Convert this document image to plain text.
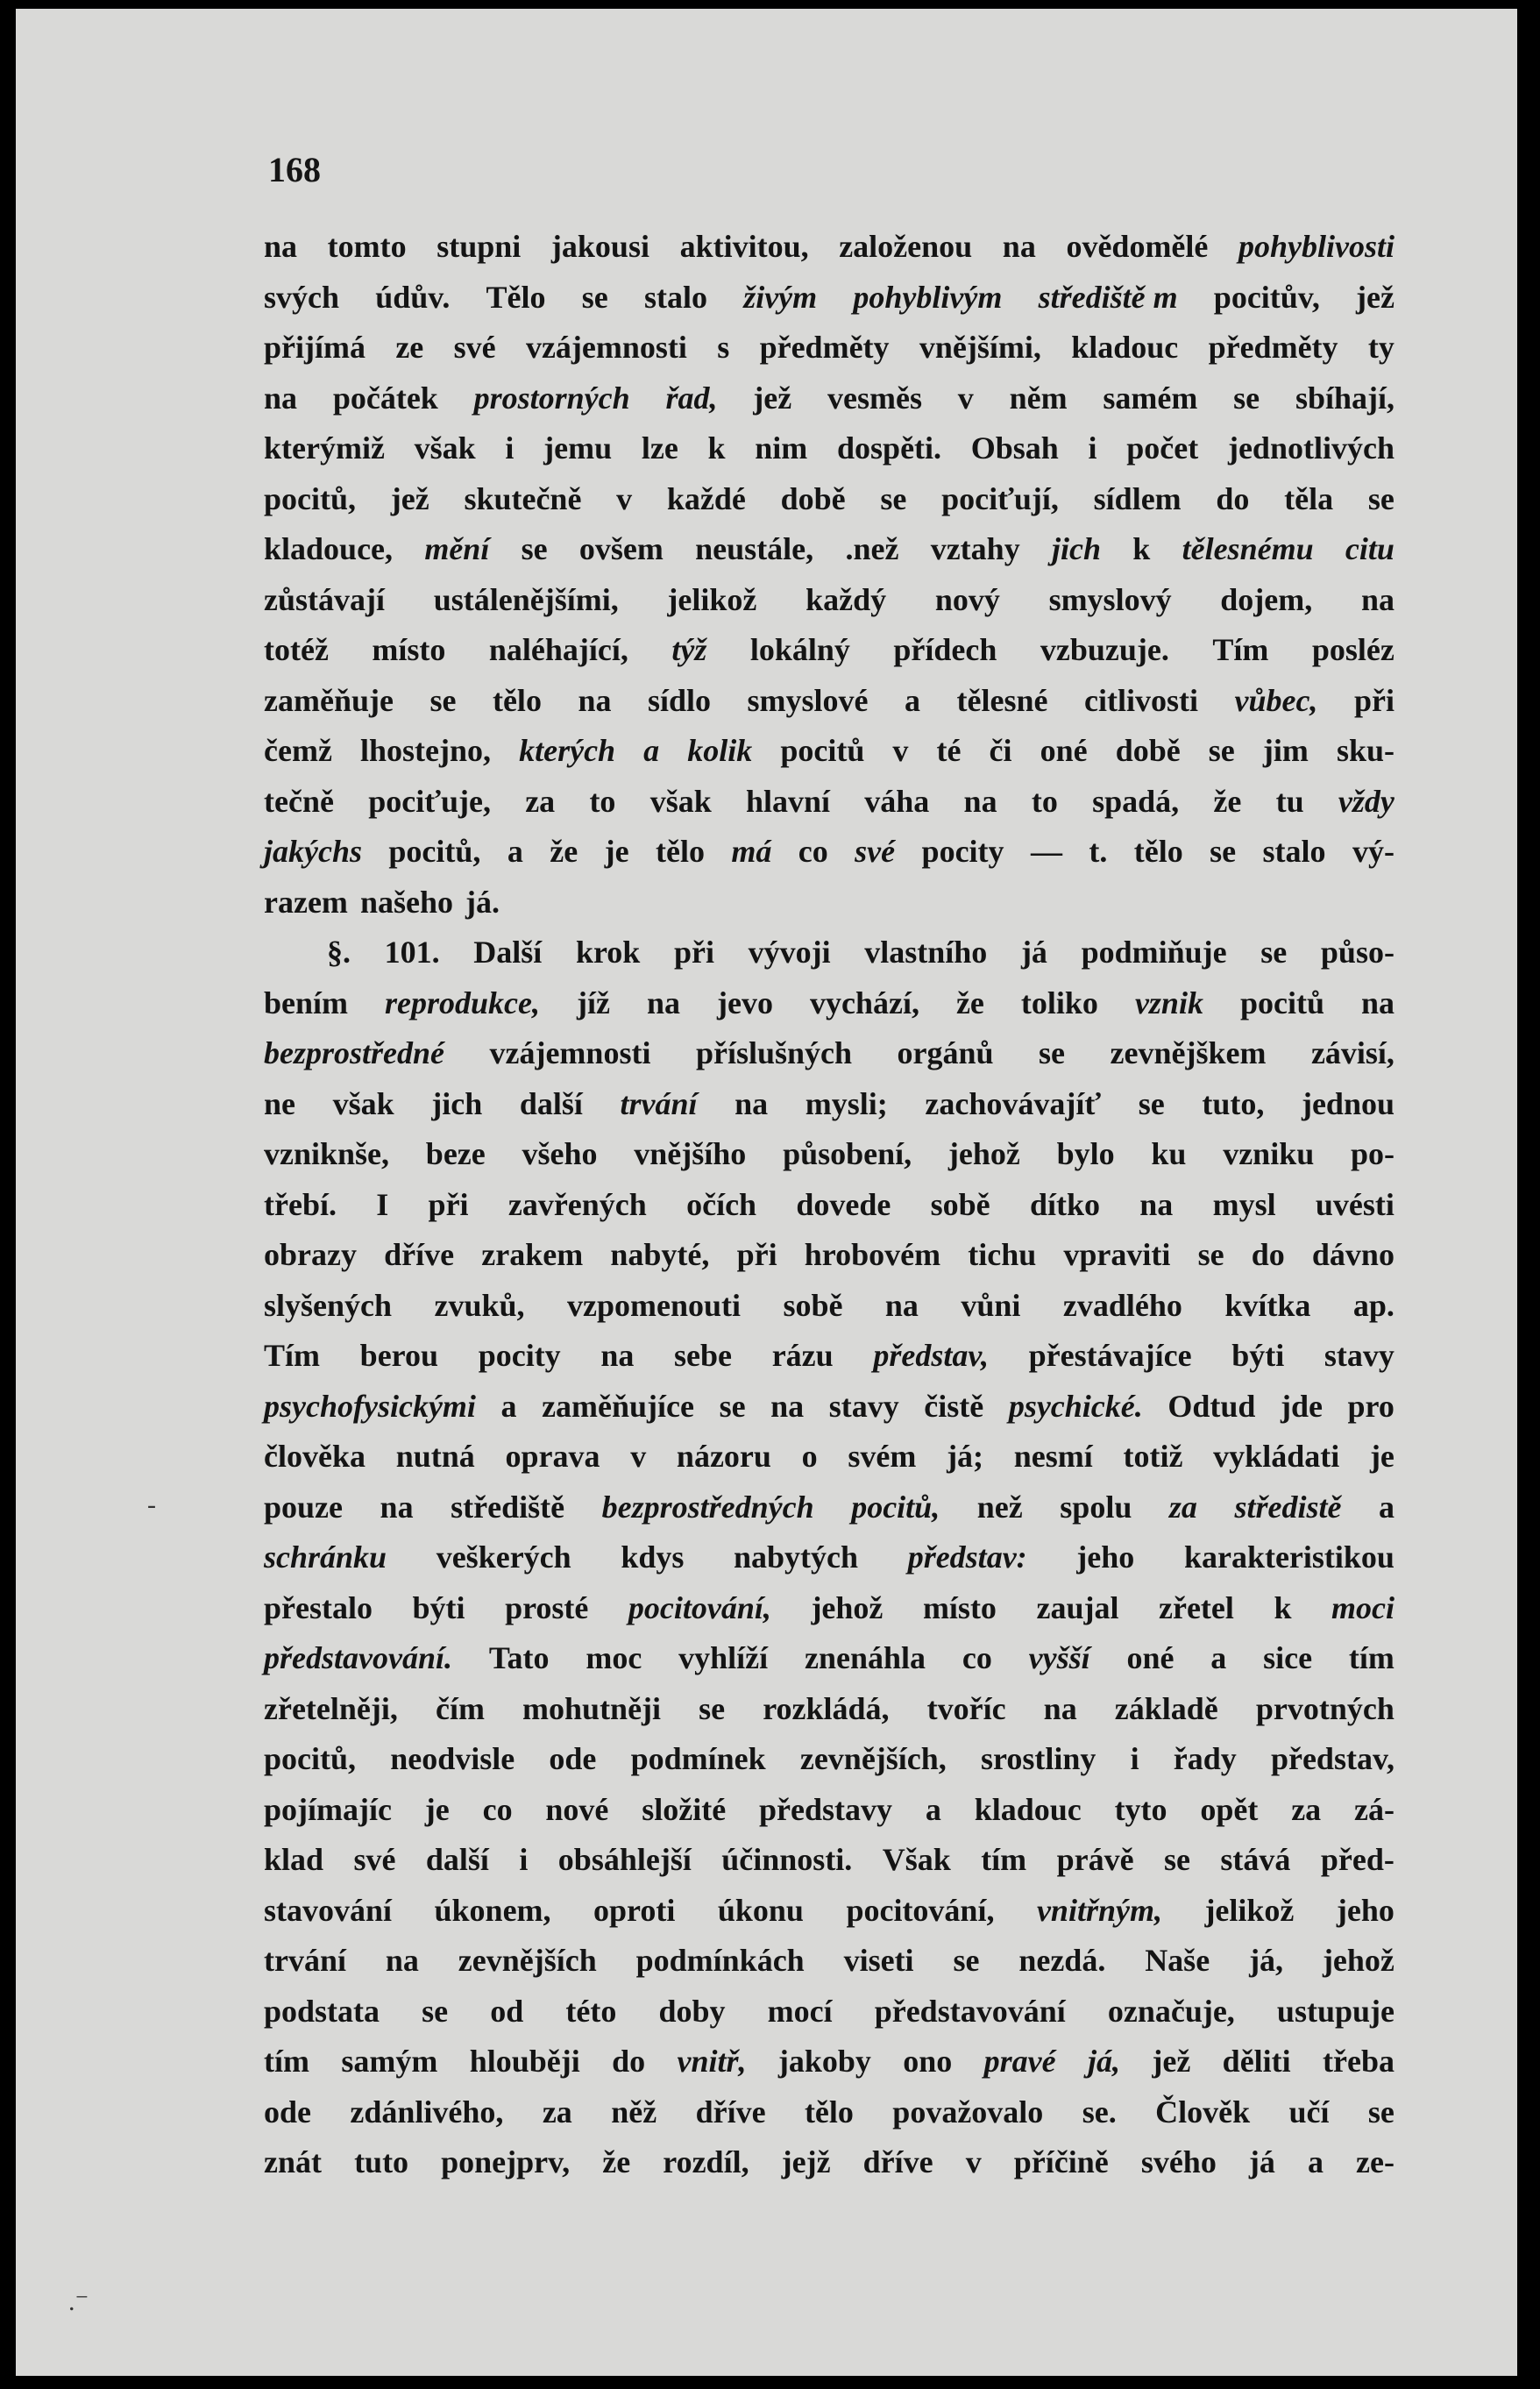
168
na tomto stupni jakousi aktivitou, založenou na ovědomělé pohyblivosti
svých údův. Tělo se stalo živým pohyblivým střediště m pocitův, jež
přijímá ze své vzájemnosti s předměty vnějšími, kladouc předměty ty
na počátek prostorných řad, jež vesměs v něm samém se sbíhají,
kterýmiž však i jemu lze k nim dospěti. Obsah i počet jednotlivých
pocitů, jež skutečně v každé době se pociťují, sídlem do těla se
kladouce, mění se ovšem neustále, .než vztahy jich k tělesnému citu
zůstávají ustálenějšími, jelikož každý nový smyslový dojem, na
totéž místo naléhající, týž lokálný přídech vzbuzuje. Tím posléz
zaměňuje se tělo na sídlo smyslové a tělesné citlivosti vůbec, při
čemž lhostejno, kterých a kolik pocitů v té či oné době se jim sku-
tečně pociťuje, za to však hlavní váha na to spadá, že tu vždy
jakýchs pocitů, a že je tělo má co své pocity — t. tělo se stalo vý-
razem našeho já.
§. 101. Další krok při vývoji vlastního já podmiňuje se půso-
bením reprodukce, jíž na jevo vychází, že toliko vznik pocitů na
bezprostředné vzájemnosti příslušných orgánů se zevnějškem závisí,
ne však jich další trvání na mysli; zachovávajíť se tuto, jednou
vzniknše, beze všeho vnějšího působení, jehož bylo ku vzniku po-
třebí. I při zavřených očích dovede sobě dítko na mysl uvésti
obrazy dříve zrakem nabyté, při hrobovém tichu vpraviti se do dávno
slyšených zvuků, vzpomenouti sobě na vůni zvadlého kvítka ap.
Tím berou pocity na sebe rázu představ, přestávajíce býti stavy
psychofysickými a zaměňujíce se na stavy čistě psychické. Odtud jde pro
člověka nutná oprava v názoru o svém já; nesmí totiž vykládati je
pouze na střediště bezprostředných pocitů, než spolu za středistě a
schránku veškerých kdys nabytých představ: jeho karakteristikou
přestalo býti prosté pocitování, jehož místo zaujal zřetel k moci
představování. Tato moc vyhlíží znenáhla co vyšší oné a sice tím
zřetelněji, čím mohutněji se rozkládá, tvoříc na základě prvotných
pocitů, neodvisle ode podmínek zevnějších, srostliny i řady představ,
pojímajíc je co nové složité představy a kladouc tyto opět za zá-
klad své další i obsáhlejší účinnosti. Však tím právě se stává před-
stavování úkonem, oproti úkonu pocitování, vnitřným, jelikož jeho
trvání na zevnějších podmínkách viseti se nezdá. Naše já, jehož
podstata se od této doby mocí představování označuje, ustupuje
tím samým hlouběji do vnitř, jakoby ono pravé já, jež děliti třeba
ode zdánlivého, za něž dříve tělo považovalo se. Člověk učí se
znát tuto ponejprv, že rozdíl, jejž dříve v příčině svého já a ze-
-
.⁻
